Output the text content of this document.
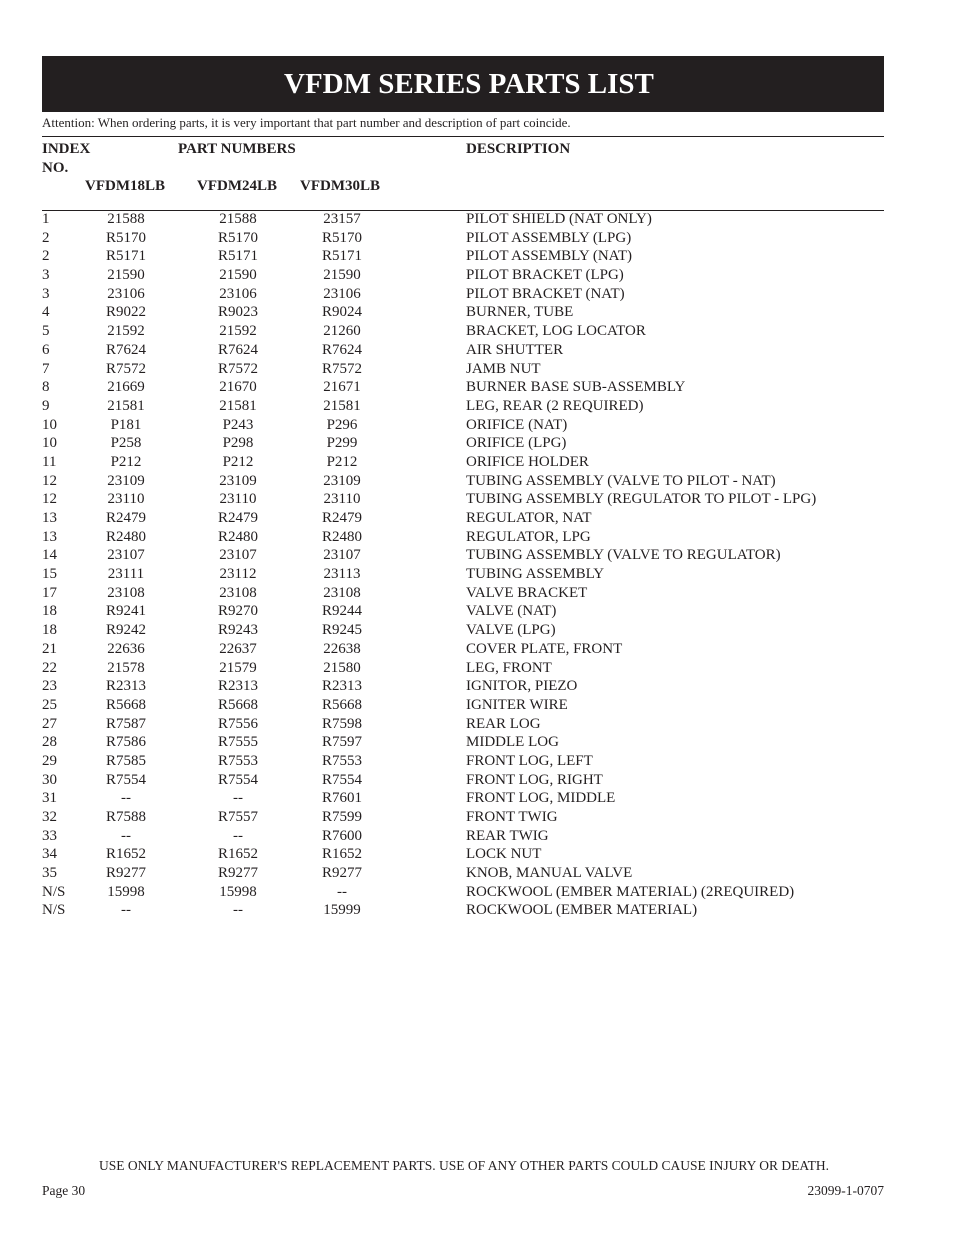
VFDM SERIES PARTS LIST
Attention: When ordering parts, it is very important that part number and description of part coincide.
INDEX
NO.
PART NUMBERS	DESCRIPTION
VFDM18LB VFDM24LB VFDM30LB
1	21588	21588	23157	PILOT SHIELD (NAT ONLY)
2	R5170	R5170	R5170	PILOT ASSEMBLY (LPG)
2	R5171	R5171	R5171	PILOT ASSEMBLY (NAT)
3	21590	21590	21590	PILOT BRACKET (LPG)
3	23106	23106	23106	PILOT BRACKET (NAT)
4	R9022	R9023	R9024	BURNER, TUBE
5	21592	21592	21260	BRACKET, LOG LOCATOR
6	R7624	R7624	R7624	AIR SHUTTER
7	R7572	R7572	R7572	JAMB NUT
8	21669	21670	21671	BURNER BASE SUB-ASSEMBLY
9	21581	21581	21581	LEG, REAR (2 REQUIRED)
10	P181	P243	P296	ORIFICE (NAT)
10	P258	P298	P299	ORIFICE (LPG)
11	P212	P212	P212	ORIFICE HOLDER
12	23109	23109	23109	TUBING ASSEMBLY (VALVE TO PILOT - NAT)
12	23110	23110	23110	TUBING ASSEMBLY (REGULATOR TO PILOT - LPG)
13	R2479	R2479	R2479	REGULATOR, NAT
13	R2480	R2480	R2480	REGULATOR, LPG
14	23107	23107	23107	TUBING ASSEMBLY (VALVE TO REGULATOR)
15	23111	23112	23113	TUBING ASSEMBLY
17	23108	23108	23108	VALVE BRACKET
18	R9241	R9270	R9244	VALVE (NAT)
18	R9242	R9243	R9245	VALVE (LPG)
21	22636	22637	22638	COVER PLATE, FRONT
22	21578	21579	21580	LEG, FRONT
23	R2313	R2313	R2313	IGNITOR, PIEZO
25	R5668	R5668	R5668	IGNITER WIRE
27	R7587	R7556	R7598	REAR LOG
28	R7586	R7555	R7597	MIDDLE LOG
29	R7585	R7553	R7553	FRONT LOG, LEFT
30	R7554	R7554	R7554	FRONT LOG, RIGHT
31	--	--	R7601	FRONT LOG, MIDDLE
32	R7588	R7557	R7599	FRONT TWIG
33	--	--	R7600	REAR TWIG
34	R1652	R1652	R1652	LOCK NUT
35	R9277	R9277	R9277	KNOB, MANUAL VALVE
N/S	15998	15998	--	ROCKWOOL (EMBER MATERIAL) (2REQUIRED)
N/S	--	--	15999	ROCKWOOL (EMBER MATERIAL)
USE ONLY MANUFACTURER'S REPLACEMENT PARTS. USE OF ANY OTHER PARTS COULD CAUSE INJURY OR DEATH.
Page 30	23099-1-0707
